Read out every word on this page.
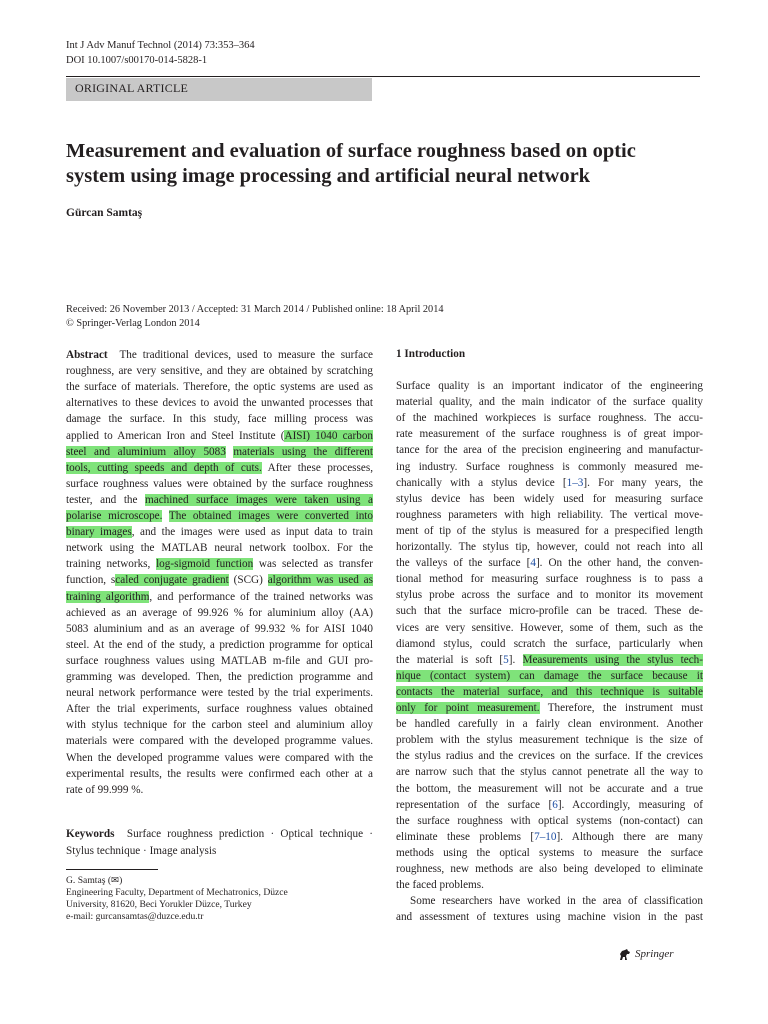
Int J Adv Manuf Technol (2014) 73:353–364
DOI 10.1007/s00170-014-5828-1
ORIGINAL ARTICLE
Measurement and evaluation of surface roughness based on optic
system using image processing and artificial neural network
Gürcan Samtaş
Received: 26 November 2013 / Accepted: 31 March 2014 / Published online: 18 April 2014
© Springer-Verlag London 2014
Abstract The traditional devices, used to measure the surface
roughness, are very sensitive, and they are obtained by scratching
the surface of materials. Therefore, the optic systems are used as
alternatives to these devices to avoid the unwanted processes that
damage the surface. In this study, face milling process was
applied to American Iron and Steel Institute (AISI) 1040 carbon
steel and aluminium alloy 5083 materials using the different
tools, cutting speeds and depth of cuts. After these processes,
surface roughness values were obtained by the surface roughness
tester, and the machined surface images were taken using a
polarise microscope. The obtained images were converted into
binary images, and the images were used as input data to train
network using the MATLAB neural network toolbox. For the
training networks, log-sigmoid function was selected as transfer
function, scaled conjugate gradient (SCG) algorithm was used as
training algorithm, and performance of the trained networks was
achieved as an average of 99.926 % for aluminium alloy (AA)
5083 aluminium and as an average of 99.932 % for AISI 1040
steel. At the end of the study, a prediction programme for optical
surface roughness values using MATLAB m-file and GUI pro-
gramming was developed. Then, the prediction programme and
neural network performance were tested by the trial experiments.
After the trial experiments, surface roughness values obtained
with stylus technique for the carbon steel and aluminium alloy
materials were compared with the developed programme values.
When the developed programme values were compared with the
experimental results, the results were confirmed each other at a
rate of 99.999 %.
Keywords Surface roughness prediction · Optical technique ·
Stylus technique · Image analysis
G. Samtaş (✉)
Engineering Faculty, Department of Mechatronics, Düzce
University, 81620, Beci Yorukler Düzce, Turkey
e-mail: gurcansamtas@duzce.edu.tr
1 Introduction
Surface quality is an important indicator of the engineering
material quality, and the main indicator of the surface quality
of the machined workpieces is surface roughness. The accu-
rate measurement of the surface roughness is of great impor-
tance for the area of the precision engineering and manufactur-
ing industry. Surface roughness is commonly measured me-
chanically with a stylus device [1–3]. For many years, the
stylus device has been widely used for measuring surface
roughness parameters with high reliability. The vertical move-
ment of tip of the stylus is measured for a prespecified length
horizontally. The stylus tip, however, could not reach into all
the valleys of the surface [4]. On the other hand, the conven-
tional method for measuring surface roughness is to pass a
stylus probe across the surface and to monitor its movement
such that the surface micro-profile can be traced. These de-
vices are very sensitive. However, some of them, such as the
diamond stylus, could scratch the surface, particularly when
the material is soft [5]. Measurements using the stylus tech-
nique (contact system) can damage the surface because it
contacts the material surface, and this technique is suitable
only for point measurement. Therefore, the instrument must
be handled carefully in a fairly clean environment. Another
problem with the stylus measurement technique is the size of
the stylus radius and the crevices on the surface. If the crevices
are narrow such that the stylus cannot penetrate all the way to
the bottom, the measurement will not be accurate and a true
representation of the surface [6]. Accordingly, measuring of
the surface roughness with optical systems (non-contact) can
eliminate these problems [7–10]. Although there are many
methods using the optical systems to measure the surface
roughness, new methods are also being developed to eliminate
the faced problems.
Some researchers have worked in the area of classification
and assessment of textures using machine vision in the past
Springer
